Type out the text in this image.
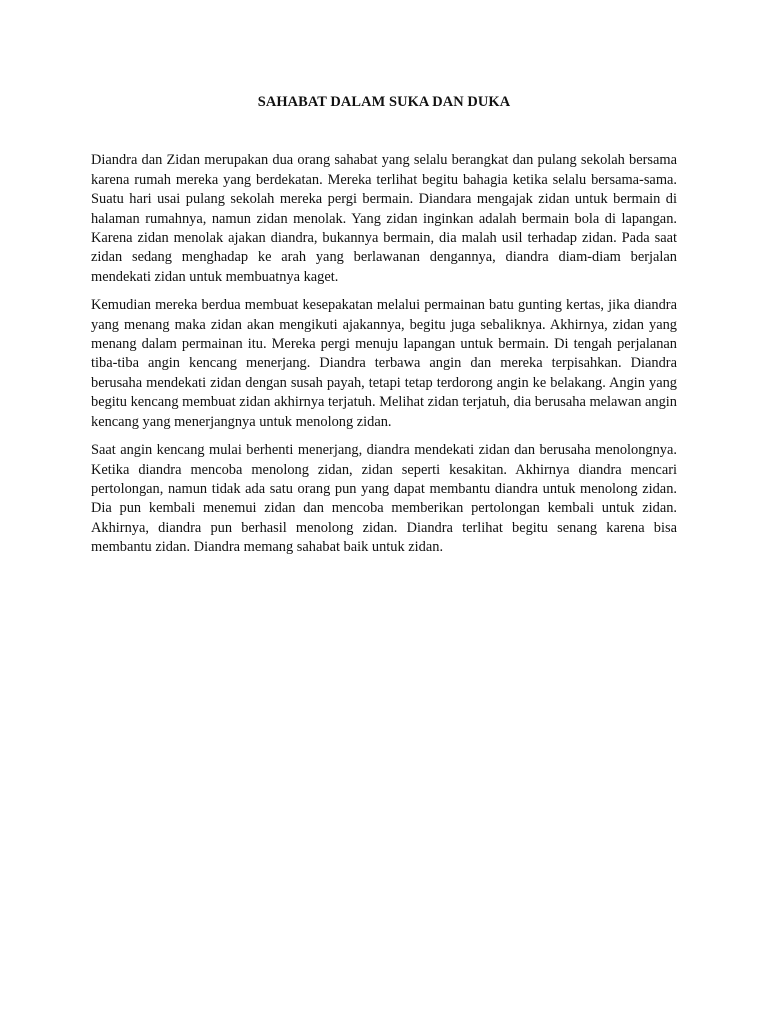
SAHABAT DALAM SUKA DAN DUKA

Diandra dan Zidan merupakan dua orang sahabat yang selalu berangkat dan pulang sekolah bersama karena rumah mereka yang berdekatan. Mereka terlihat begitu bahagia ketika selalu bersama-sama. Suatu hari usai pulang sekolah mereka pergi bermain. Diandara mengajak zidan untuk bermain di halaman rumahnya, namun zidan menolak. Yang zidan inginkan adalah bermain bola di lapangan. Karena zidan menolak ajakan diandra, bukannya bermain, dia malah usil terhadap zidan. Pada saat zidan sedang menghadap ke arah yang berlawanan dengannya, diandra diam-diam berjalan mendekati zidan untuk membuatnya kaget.

Kemudian mereka berdua membuat kesepakatan melalui permainan batu gunting kertas, jika diandra yang menang maka zidan akan mengikuti ajakannya, begitu juga sebaliknya. Akhirnya, zidan yang menang dalam permainan itu. Mereka pergi menuju lapangan untuk bermain. Di tengah perjalanan tiba-tiba angin kencang menerjang. Diandra terbawa angin dan mereka terpisahkan. Diandra berusaha mendekati zidan dengan susah payah, tetapi tetap terdorong angin ke belakang. Angin yang begitu kencang membuat zidan akhirnya terjatuh. Melihat zidan terjatuh, dia berusaha melawan angin kencang yang menerjangnya untuk menolong zidan.

Saat angin kencang mulai berhenti menerjang, diandra mendekati zidan dan berusaha menolongnya. Ketika diandra mencoba menolong zidan, zidan seperti kesakitan. Akhirnya diandra mencari pertolongan, namun tidak ada satu orang pun yang dapat membantu diandra untuk menolong zidan. Dia pun kembali menemui zidan dan mencoba memberikan pertolongan kembali untuk zidan. Akhirnya, diandra pun berhasil menolong zidan. Diandra terlihat begitu senang karena bisa membantu zidan. Diandra memang sahabat baik untuk zidan.
